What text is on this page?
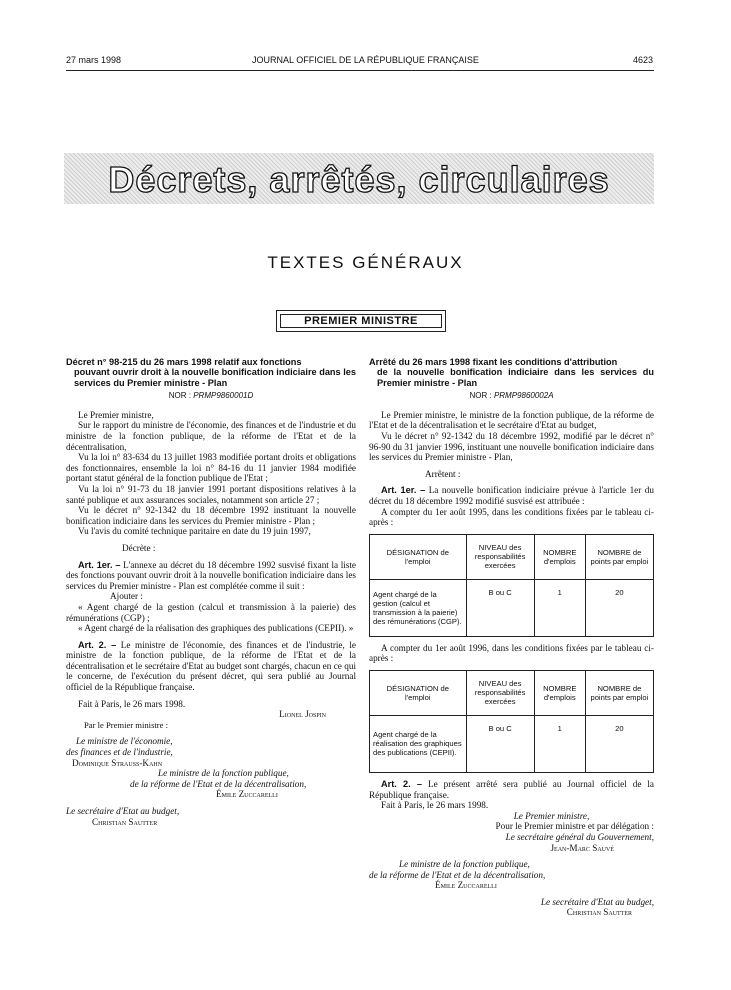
27 mars 1998	JOURNAL OFFICIEL DE LA RÉPUBLIQUE FRANÇAISE	4623
Décrets, arrêtés, circulaires
TEXTES GÉNÉRAUX
PREMIER MINISTRE
Décret n° 98-215 du 26 mars 1998 relatif aux fonctions
pouvant ouvrir droit à la nouvelle bonification indiciaire dans les services du Premier ministre - Plan
NOR : PRMP9860001D

Le Premier ministre,

Sur le rapport du ministre de l'économie, des finances et de l'industrie et du ministre de la fonction publique, de la réforme de l'Etat et de la décentralisation,

Vu la loi n° 83-634 du 13 juillet 1983 modifiée portant droits et obligations des fonctionnaires, ensemble la loi n° 84-16 du 11 janvier 1984 modifiée portant statut général de la fonction publique de l'Etat ;

Vu la loi n° 91-73 du 18 janvier 1991 portant dispositions relatives à la santé publique et aux assurances sociales, notamment son article 27 ;

Vu le décret n° 92-1342 du 18 décembre 1992 instituant la nouvelle bonification indiciaire dans les services du Premier ministre - Plan ;

Vu l'avis du comité technique paritaire en date du 19 juin 1997,

Décrète :

Art. 1er. – L'annexe au décret du 18 décembre 1992 susvisé fixant la liste des fonctions pouvant ouvrir droit à la nouvelle bonification indiciaire dans les services du Premier ministre - Plan est complétée comme il suit :

Ajouter :

« Agent chargé de la gestion (calcul et transmission à la paierie) des rémunérations (CGP) ;

« Agent chargé de la réalisation des graphiques des publications (CEPII). »

Art. 2. – Le ministre de l'économie, des finances et de l'industrie, le ministre de la fonction publique, de la réforme de l'Etat et de la décentralisation et le secrétaire d'Etat au budget sont chargés, chacun en ce qui le concerne, de l'exécution du présent décret, qui sera publié au Journal officiel de la République française.

Fait à Paris, le 26 mars 1998.

Lionel Jospin
Par le Premier ministre :
Le ministre de l'économie,
des finances et de l'industrie,
Dominique Strauss-Kahn
Le ministre de la fonction publique,
de la réforme de l'Etat et de la décentralisation,
Émile Zuccarelli
Le secrétaire d'Etat au budget,
Christian Sautter
Arrêté du 26 mars 1998 fixant les conditions d'attribution
de la nouvelle bonification indiciaire dans les services du Premier ministre - Plan
NOR : PRMP9860002A

Le Premier ministre, le ministre de la fonction publique, de la réforme de l'Etat et de la décentralisation et le secrétaire d'Etat au budget,

Vu le décret n° 92-1342 du 18 décembre 1992, modifié par le décret n° 96-90 du 31 janvier 1996, instituant une nouvelle bonification indiciaire dans les services du Premier ministre - Plan,

Arrêtent :

Art. 1er. – La nouvelle bonification indiciaire prévue à l'article 1er du décret du 18 décembre 1992 modifié susvisé est attribuée :

A compter du 1er août 1995, dans les conditions fixées par le tableau ci-après :

DÉSIGNATION de l'emploi	NIVEAU des responsabilités exercées	NOMBRE d'emplois	NOMBRE de points par emploi
Agent chargé de la gestion (calcul et transmission à la paierie) des rémunérations (CGP).	B ou C	1	20

A compter du 1er août 1996, dans les conditions fixées par le tableau ci-après :

DÉSIGNATION de l'emploi	NIVEAU des responsabilités exercées	NOMBRE d'emplois	NOMBRE de points par emploi
Agent chargé de la réalisation des graphiques des publications (CEPII).	B ou C	1	20

Art. 2. – Le présent arrêté sera publié au Journal officiel de la République française.

Fait à Paris, le 26 mars 1998.

Le Premier ministre,
Pour le Premier ministre et par délégation :
Le secrétaire général du Gouvernement,
Jean-Marc Sauvé
Le ministre de la fonction publique,
de la réforme de l'Etat et de la décentralisation,
Émile Zuccarelli
Le secrétaire d'Etat au budget,
Christian Sautter
